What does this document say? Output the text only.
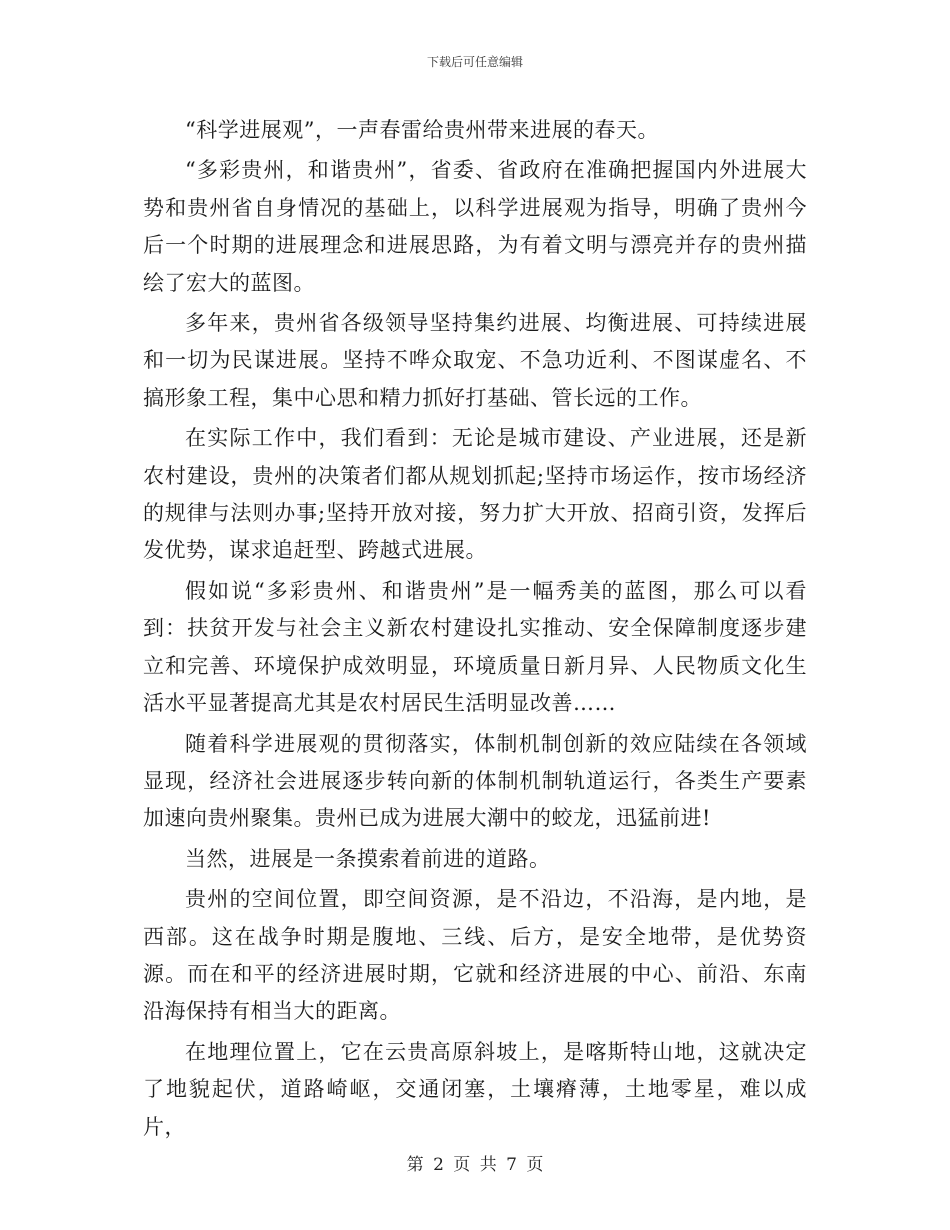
下载后可任意编辑

“科学进展观”，一声春雷给贵州带来进展的春天。

“多彩贵州，和谐贵州”，省委、省政府在准确把握国内外进展大势和贵州省自身情况的基础上，以科学进展观为指导，明确了贵州今后一个时期的进展理念和进展思路，为有着文明与漂亮并存的贵州描绘了宏大的蓝图。

多年来，贵州省各级领导坚持集约进展、均衡进展、可持续进展和一切为民谋进展。坚持不哗众取宠、不急功近利、不图谋虚名、不搞形象工程，集中心思和精力抓好打基础、管长远的工作。

在实际工作中，我们看到：无论是城市建设、产业进展，还是新农村建设，贵州的决策者们都从规划抓起;坚持市场运作，按市场经济的规律与法则办事;坚持开放对接，努力扩大开放、招商引资，发挥后发优势，谋求追赶型、跨越式进展。

假如说“多彩贵州、和谐贵州”是一幅秀美的蓝图，那么可以看到：扶贫开发与社会主义新农村建设扎实推动、安全保障制度逐步建立和完善、环境保护成效明显，环境质量日新月异、人民物质文化生活水平显著提高尤其是农村居民生活明显改善……

随着科学进展观的贯彻落实，体制机制创新的效应陆续在各领域显现，经济社会进展逐步转向新的体制机制轨道运行，各类生产要素加速向贵州聚集。贵州已成为进展大潮中的蛟龙，迅猛前进!

当然，进展是一条摸索着前进的道路。

贵州的空间位置，即空间资源，是不沿边，不沿海，是内地，是西部。这在战争时期是腹地、三线、后方，是安全地带，是优势资源。而在和平的经济进展时期，它就和经济进展的中心、前沿、东南沿海保持有相当大的距离。

在地理位置上，它在云贵高原斜坡上，是喀斯特山地，这就决定了地貌起伏，道路崎岖，交通闭塞，土壤瘠薄，土地零星，难以成片，

第 2 页 共 7 页
